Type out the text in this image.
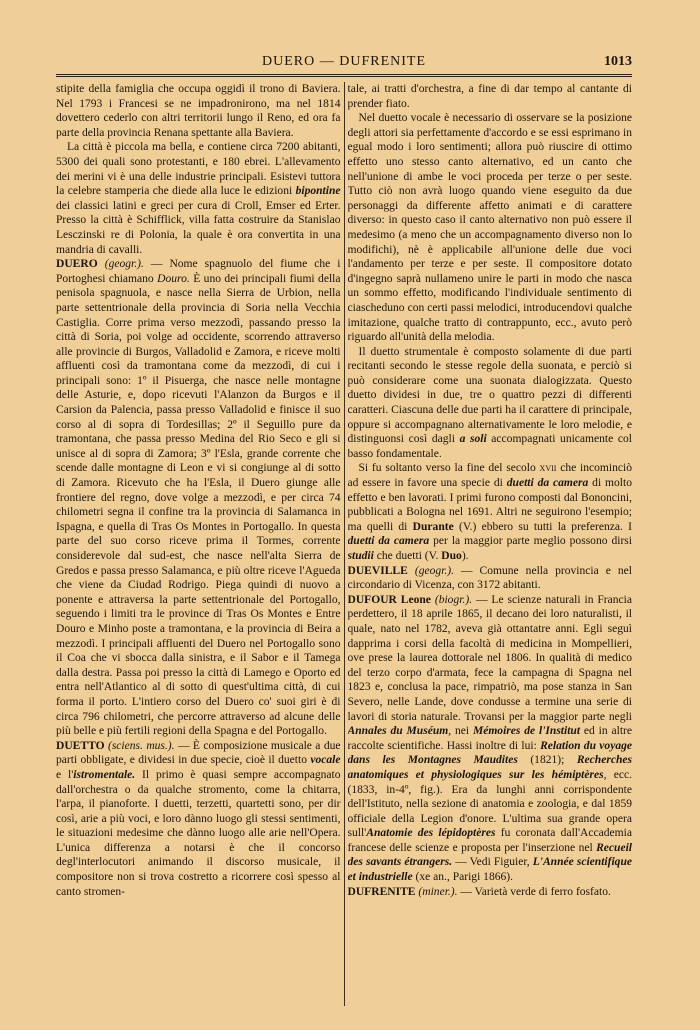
DUERO — DUFRENITE	1013

stipite della famiglia che occupa oggidì il trono di Baviera. Nel 1793 i Francesi se ne impadronirono, ma nel 1814 dovettero cederlo con altri territorii lungo il Reno, ed ora fa parte della provincia Renana spettante alla Baviera.

La città è piccola ma bella, e contiene circa 7200 abitanti, 5300 dei quali sono protestanti, e 180 ebrei. L'allevamento dei merini vi è una delle industrie principali. Esistevi tuttora la celebre stamperia che diede alla luce le edizioni bipontine dei classici latini e greci per cura di Croll, Emser ed Erter. Presso la città è Schifflick, villa fatta costruire da Stanislao Lesczinski re di Polonia, la quale è ora convertita in una mandria di cavalli.

DUERO (geogr.). — Nome spagnuolo del fiume che i Portoghesi chiamano Douro. È uno dei principali fiumi della penisola spagnuola, e nasce nella Sierra de Urbion, nella parte settentrionale della provincia di Soria nella Vecchia Castiglia. Corre prima verso mezzodì, passando presso la città di Soria, poi volge ad occidente, scorrendo attraverso alle provincie di Burgos, Valladolid e Zamora, e riceve molti affluenti così da tramontana come da mezzodì, di cui i principali sono: 1º il Pisuerga, che nasce nelle montagne delle Asturie, e, dopo ricevuti l'Alanzon da Burgos e il Carsion da Palencia, passa presso Valladolid e finisce il suo corso al di sopra di Tordesillas; 2º il Seguillo pure da tramontana, che passa presso Medina del Rio Seco e gli si unisce al di sopra di Zamora; 3º l'Esla, grande corrente che scende dalle montagne di Leon e vi si congiunge al di sotto di Zamora. Ricevuto che ha l'Esla, il Duero giunge alle frontiere del regno, dove volge a mezzodì, e per circa 74 chilometri segna il confine tra la provincia di Salamanca in Ispagna, e quella di Tras Os Montes in Portogallo. In questa parte del suo corso riceve prima il Tormes, corrente considerevole dal sud-est, che nasce nell'alta Sierra de Gredos e passa presso Salamanca, e più oltre riceve l'Agueda che viene da Ciudad Rodrigo. Piega quindi di nuovo a ponente e attraversa la parte settentrionale del Portogallo, seguendo i limiti tra le province di Tras Os Montes e Entre Douro e Minho poste a tramontana, e la provincia di Beira a mezzodì. I principali affluenti del Duero nel Portogallo sono il Coa che vi sbocca dalla sinistra, e il Sabor e il Tamega dalla destra. Passa poi presso la città di Lamego e Oporto ed entra nell'Atlantico al di sotto di quest'ultima città, di cui forma il porto. L'intiero corso del Duero co' suoi giri è di circa 796 chilometri, che percorre attraverso ad alcune delle più belle e più fertili regioni della Spagna e del Portogallo.

DUETTO (sciens. mus.). — È composizione musicale a due parti obbligate, e dividesi in due specie, cioè il duetto vocale e l'istromentale. Il primo è quasi sempre accompagnato dall'orchestra o da qualche stromento, come la chitarra, l'arpa, il pianoforte. I duetti, terzetti, quartetti sono, per dir così, arie a più voci, e loro dànno luogo gli stessi sentimenti, le situazioni medesime che dànno luogo alle arie nell'Opera. L'unica differenza a notarsi è che il concorso degl'interlocutori animando il discorso musicale, il compositore non si trova costretto a ricorrere così spesso al canto stromen-

tale, ai tratti d'orchestra, a fine di dar tempo al cantante di prender fiato.

Nel duetto vocale è necessario di osservare se la posizione degli attori sia perfettamente d'accordo e se essi esprimano in egual modo i loro sentimenti; allora può riuscire di ottimo effetto uno stesso canto alternativo, ed un canto che nell'unione di ambe le voci proceda per terze o per seste. Tutto ciò non avrà luogo quando viene eseguito da due personaggi da differente affetto animati e di carattere diverso: in questo caso il canto alternativo non può essere il medesimo (a meno che un accompagnamento diverso non lo modifichi), nè è applicabile all'unione delle due voci l'andamento per terze e per seste. Il compositore dotato d'ingegno saprà nullameno unire le parti in modo che nasca un sommo effetto, modificando l'individuale sentimento di ciascheduno con certi passi melodici, introducendovi qualche imitazione, qualche tratto di contrappunto, ecc., avuto però riguardo all'unità della melodia.

Il duetto strumentale è composto solamente di due parti recitanti secondo le stesse regole della suonata, e perciò si può considerare come una suonata dialogizzata. Questo duetto dividesi in due, tre o quattro pezzi di differenti caratteri. Ciascuna delle due parti ha il carattere di principale, oppure si accompagnano alternativamente le loro melodie, e distinguonsi così dagli a soli accompagnati unicamente col basso fondamentale.

Si fu soltanto verso la fine del secolo xvii che incominciò ad essere in favore una specie di duetti da camera di molto effetto e ben lavorati. I primi furono composti dal Bononcini, pubblicati a Bologna nel 1691. Altri ne seguirono l'esempio; ma quelli di Durante (V.) ebbero su tutti la preferenza. I duetti da camera per la maggior parte meglio possono dirsi studii che duetti (V. Duo).

DUEVILLE (geogr.). — Comune nella provincia e nel circondario di Vicenza, con 3172 abitanti.

DUFOUR Leone (biogr.). — Le scienze naturali in Francia perdettero, il 18 aprile 1865, il decano dei loro naturalisti, il quale, nato nel 1782, aveva già ottantatre anni. Egli seguì dapprima i corsi della facoltà di medicina in Mompellieri, ove prese la laurea dottorale nel 1806. In qualità di medico del terzo corpo d'armata, fece la campagna di Spagna nel 1823 e, conclusa la pace, rimpatriò, ma pose stanza in San Severo, nelle Lande, dove condusse a termine una serie di lavori di storia naturale. Trovansi per la maggior parte negli Annales du Muséum, nei Mémoires de l'Institut ed in altre raccolte scientifiche. Hassi inoltre di lui: Relation du voyage dans les Montagnes Maudites (1821); Recherches anatomiques et physiologiques sur les hémiptères, ecc. (1833, in-4º, fig.). Era da lunghi anni corrispondente dell'Istituto, nella sezione di anatomia e zoologia, e dal 1859 officiale della Legion d'onore. L'ultima sua grande opera sull'Anatomie des lépidoptères fu coronata dall'Accademia francese delle scienze e proposta per l'inserzione nel Recueil des savants étrangers. — Vedi Figuier, L'Année scientifique et industrielle (xe an., Parigi 1866).

DUFRENITE (miner.). — Varietà verde di ferro fosfato.
